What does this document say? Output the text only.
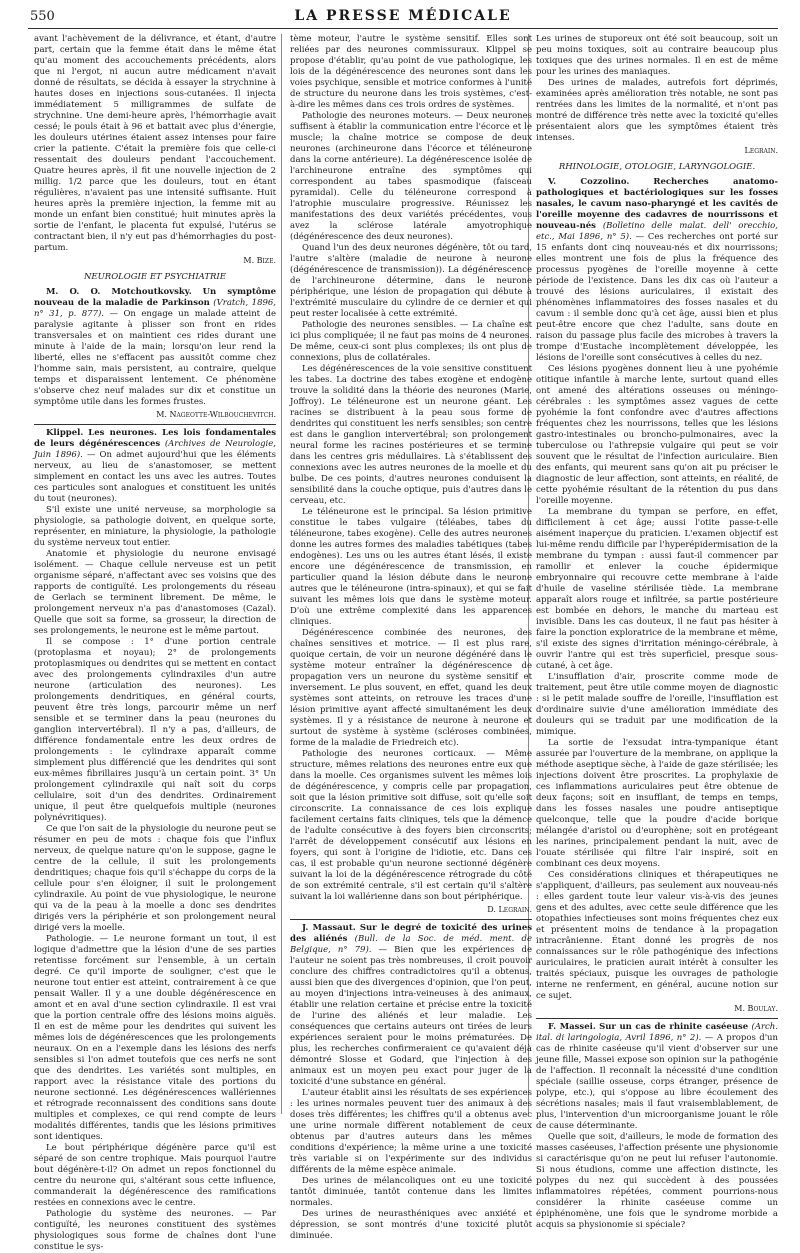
550	LA PRESSE MÉDICALE

avant l'achèvement de la délivrance, et étant, d'autre part, certain que la femme était dans le même état qu'au moment des accouchements précédents, alors que ni l'ergot, ni aucun autre médicament n'avait donné de résultats, se décida à essayer la strychnine à hautes doses en injections sous-cutanées. Il injecta immédiatement 5 milligrammes de sulfate de strychnine. Une demi-heure après, l'hémorrhagie avait cessé; le pouls était à 96 et battait avec plus d'énergie, les douleurs utérines étaient assez intenses pour faire crier la patiente. C'était la première fois que celle-ci ressentait des douleurs pendant l'accouchement. Quatre heures après, il fit une nouvelle injection de 2 millig. 1/2 parce que les douleurs, tout en étant régulières, n'avaient pas une intensité suffisante. Huit heures après la première injection, la femme mit au monde un enfant bien constitué; huit minutes après la sortie de l'enfant, le placenta fut expulsé, l'utérus se contractant bien, il n'y eut pas d'hémorrhagies du post-partum.

M. Bize.

NEUROLOGIE ET PSYCHIATRIE

M. O. O. Motchoutkovsky. Un symptôme nouveau de la maladie de Parkinson (Vratch, 1896, n° 31, p. 877). — On engage un malade atteint de paralysie agitante à plisser son front en rides transversales et on maintient ces rides durant une minute à l'aide de la main; lorsqu'on leur rend la liberté, elles ne s'effacent pas aussitôt comme chez l'homme sain, mais persistent, au contraire, quelque temps et disparaissent lentement. Ce phénomène s'observe chez neuf malades sur dix et constitue un symptôme utile dans les formes frustes.

M. Nageotte-Wilbouchevitch.

Klippel. Les neurones. Les lois fondamentales de leurs dégénérescences (Archives de Neurologie, Juin 1896). — On admet aujourd'hui que les éléments nerveux, au lieu de s'anastomoser, se mettent simplement en contact les uns avec les autres. Toutes ces particules sont analogues et constituent les unités du tout (neurones).

S'il existe une unité nerveuse, sa morphologie sa physiologie, sa pathologie doivent, en quelque sorte, représenter, en miniature, la physiologie, la pathologie du système nerveux tout entier.

Anatomie et physiologie du neurone envisagé isolément. — Chaque cellule nerveuse est un petit organisme séparé, n'affectant avec ses voisins que des rapports de contiguïté. Les prolongements du réseau de Gerlach se terminent librement. De même, le prolongement nerveux n'a pas d'anastomoses (Cazal). Quelle que soit sa forme, sa grosseur, la direction de ses prolongements, le neurone est le même partout.

Il se compose : 1° d'une portion centrale (protoplasma et noyau); 2° de prolongements protoplasmiques ou dendrites qui se mettent en contact avec des prolongements cylindraxiles d'un autre neurone (articulation des neurones). Les prolongements dendritiques, en général courts, peuvent être très longs, parcourir même un nerf sensible et se terminer dans la peau (neurones du ganglion intervertébral). Il n'y a pas, d'ailleurs, de différence fondamentale entre les deux ordres de prolongements : le cylindraxe apparaît comme simplement plus différencié que les dendrites qui sont eux-mêmes fibrillaires jusqu'à un certain point. 3° Un prolongement cylindraxile qui naît soit du corps cellulaire, soit d'un des dendrites. Ordinairement unique, il peut être quelquefois multiple (neurones polynévritiques).

Ce que l'on sait de la physiologie du neurone peut se résumer en peu de mots : chaque fois que l'influx nerveux, de quelque nature qu'on le suppose, gagne le centre de la cellule, il suit les prolongements dendritiques; chaque fois qu'il s'échappe du corps de la cellule pour s'en éloigner, il suit le prolongement cylindraxile. Au point de vue physiologique, le neurone qui va de la peau à la moelle a donc ses dendrites dirigés vers la périphérie et son prolongement neural dirigé vers la moelle.

Pathologie. — Le neurone formant un tout, il est logique d'admettre que la lésion d'une de ses parties retentisse forcément sur l'ensemble, à un certain degré. Ce qu'il importe de souligner, c'est que le neurone tout entier est atteint, contrairement à ce que pensait Waller. Il y a une double dégénérescence en amont et en aval d'une section cylindraxile. Il est vrai que la portion centrale offre des lésions moins aiguës. Il en est de même pour les dendrites qui suivent les mêmes lois de dégénérescences que les prolongements neuraux. On en a l'exemple dans les lésions des nerfs sensibles si l'on admet toutefois que ces nerfs ne sont que des dendrites. Les variétés sont multiples, en rapport avec la résistance vitale des portions du neurone sectionné. Les dégénérescences wallériennes et rétrograde reconnaissent des conditions sans doute multiples et complexes, ce qui rend compte de leurs modalités différentes, tandis que les lésions primitives sont identiques.

Le bout périphérique dégénère parce qu'il est séparé de son centre trophique. Mais pourquoi l'autre bout dégénère-t-il? On admet un repos fonctionnel du centre du neurone qui, s'altérant sous cette influence, commanderait la dégénérescence des ramifications restées en connexions avec le centre.

Pathologie du système des neurones. — Par contiguïté, les neurones constituent des systèmes physiologiques sous forme de chaînes dont l'une constitue le sys-

tème moteur, l'autre le système sensitif. Elles sont reliées par des neurones commissuraux. Klippel se propose d'établir, qu'au point de vue pathologique, les lois de la dégénérescence des neurones sont dans les voies psychique, sensible et motrice conformes à l'unité de structure du neurone dans les trois systèmes, c'est-à-dire les mêmes dans ces trois ordres de systèmes.

Pathologie des neurones moteurs. — Deux neurones suffisent à établir la communication entre l'écorce et le muscle; la chaîne motrice se compose de deux neurones (archineurone dans l'écorce et téléneurone dans la corne antérieure). La dégénérescence isolée de l'archineurone entraîne des symptômes qui correspondent au tabes spasmodique (faisceau pyramidal). Celle du téléneurone correspond à l'atrophie musculaire progressive. Réunissez les manifestations des deux variétés précédentes, vous avez la sclérose latérale amyotrophique (dégénérescence des deux neurones).

Quand l'un des deux neurones dégénère, tôt ou tard, l'autre s'altère (maladie de neurone à neurone (dégénérescence de transmission)). La dégénérescence de l'archineurone détermine, dans le neurone périphérique, une lésion de propagation qui débute à l'extrémité musculaire du cylindre de ce dernier et qui peut rester localisée à cette extrémité.

Pathologie des neurones sensibles. — La chaîne est ici plus compliquée; il ne faut pas moins de 4 neurones. De même, ceux-ci sont plus complexes; ils ont plus de connexions, plus de collatérales.

Les dégénérescences de la voie sensitive constituent les tabes. La doctrine des tabes exogène et endogène trouve la solidité dans la théorie des neurones (Marie, Joffroy). Le téléneurone est un neurone géant. Les racines se distribuent à la peau sous forme de dendrites qui constituent les nerfs sensibles; son centre est dans le ganglion intervertébral; son prolongement neural forme les racines postérieures et se termine dans les centres gris médullaires. Là s'établissent des connexions avec les autres neurones de la moelle et du bulbe. De ces points, d'autres neurones conduisent la sensibilité dans la couche optique, puis d'autres dans le cerveau, etc.

Le téléneurone est le principal. Sa lésion primitive constitue le tabes vulgaire (téléabes, tabes du téléneurone, tabes exogène). Celle des autres neurones donne les autres formes des maladies tabétiques (tabes endogènes). Les uns ou les autres étant lésés, il existe encore une dégénérescence de transmission, en particulier quand la lésion débute dans le neurone autres que le téléneurone (intra-spinaux), et qui se fait suivant les mêmes lois que dans le système moteur. D'où une extrême complexité dans les apparences cliniques.

Dégénérescence combinée des neurones, des chaînes sensitives et motrice. — Il est plus rare, quoique certain, de voir un neurone dégénéré dans le système moteur entraîner la dégénérescence de propagation vers un neurone du système sensitif et inversement. Le plus souvent, en effet, quand les deux systèmes sont atteints, on retrouve les traces d'une lésion primitive ayant affecté simultanément les deux systèmes. Il y a résistance de neurone à neurone et surtout de système à système (scléroses combinées, forme de la maladie de Friedreich etc).

Pathologie des neurones corticaux. — Même structure, mêmes relations des neurones entre eux que dans la moelle. Ces organismes suivent les mêmes lois de dégénérescence, y compris celle par propagation, soit que la lésion primitive soit diffuse, soit qu'elle soit circonscrite. La connaissance de ces lois explique facilement certains faits cliniques, tels que la démence de l'adulte consécutive à des foyers bien circonscrits; l'arrêt de développement consécutif aux lésions en foyers, qui sont à l'origine de l'idiotie, etc. Dans ces cas, il est probable qu'un neurone sectionné dégénère suivant la loi de la dégénérescence rétrograde du côté de son extrémité centrale, s'il est certain qu'il s'altère suivant la loi wallérienne dans son bout périphérique.

D. Legrain.

J. Massaut. Sur le degré de toxicité des urines des aliénés (Bull. de la Soc. de méd. ment. de Belgique, n° 79). — Bien que les expériences de l'auteur ne soient pas très nombreuses, il croit pouvoir conclure des chiffres contradictoires qu'il a obtenus, aussi bien que des divergences d'opinion, que l'on peut, au moyen d'injections intra-veineuses à des animaux, établir une relation certaine et précise entre la toxicité de l'urine des aliénés et leur maladie. Les conséquences que certains auteurs ont tirées de leurs expériences seraient pour le moins prématurées. De plus, les recherches confirmeraient ce qu'avaient déjà démontré Slosse et Godard, que l'injection à des animaux est un moyen peu exact pour juger de la toxicité d'une substance en général.

L'auteur établit ainsi les résultats de ses expériences : les urines normales peuvent tuer des animaux à des doses très différentes; les chiffres qu'il a obtenus avec une urine normale diffèrent notablement de ceux obtenus par d'autres auteurs dans les mêmes conditions d'expérience; la même urine a une toxicité très variable si on l'expérimente sur des individus différents de la même espèce animale.

Des urines de mélancoliques ont eu une toxicité tantôt diminuée, tantôt contenue dans les limites normales.

Des urines de neurasthéniques avec anxiété et dépression, se sont montrés d'une toxicité plutôt diminuée.

Les urines de stuporeux ont été soit beaucoup, soit un peu moins toxiques, soit au contraire beaucoup plus toxiques que des urines normales. Il en est de même pour les urines des maniaques.

Des urines de malades, autrefois fort déprimés, examinées après amélioration très notable, ne sont pas rentrées dans les limites de la normalité, et n'ont pas montré de différence très nette avec la toxicité qu'elles présentaient alors que les symptômes étaient très intenses.

Legrain.

RHINOLOGIE, OTOLOGIE, LARYNGOLOGIE.

V. Cozzolino.	Recherches anatomo-pathologiques et bactériologiques sur les fosses nasales, le cavum naso-pharyngé et les cavités de l'oreille moyenne des cadavres de nourrissons et nouveau-nés (Bolletino delle malat. dell' orecchio, etc., Mai 1896, n° 5). — Ces recherches ont porté sur 15 enfants dont cinq nouveau-nés et dix nourrissons; elles montrent une fois de plus la fréquence des processus pyogènes de l'oreille moyenne à cette période de l'existence. Dans les dix cas où l'auteur a trouvé des lésions auriculaires, il existait des phénomènes inflammatoires des fosses nasales et du cavum : il semble donc qu'à cet âge, aussi bien et plus peut-être encore que chez l'adulte, sans doute en raison du passage plus facile des microbes à travers la trompe d'Eustache incomplètement développée, les lésions de l'oreille sont consécutives à celles du nez.

Ces lésions pyogènes donnent lieu à une pyohémie otitique infantile à marche lente, surtout quand elles ont amené des altérations osseuses ou méningo-cérébrales : les symptômes assez vagues de cette pyohémie la font confondre avec d'autres affections fréquentes chez les nourrissons, telles que les lésions gastro-intestinales ou broncho-pulmonaires, avec la tuberculose ou l'athrepsie vulgaire qui peut se voir souvent que le résultat de l'infection auriculaire. Bien des enfants, qui meurent sans qu'on ait pu préciser le diagnostic de leur affection, sont atteints, en réalité, de cette pyohémie résultant de la rétention du pus dans l'oreille moyenne.

La membrane du tympan se perfore, en effet, difficilement à cet âge; aussi l'otite passe-t-elle aisément inaperçue du praticien. L'examen objectif est lui-même rendu difficile par l'hyperépidermisation de la membrane du tympan : aussi faut-il commencer par ramollir et enlever la couche épidermique embryonnaire qui recouvre cette membrane à l'aide d'huile de vaseline stérilisée tiède. La membrane apparaît alors rouge et infiltrée, sa partie postérieure est bombée en dehors, le manche du marteau est invisible. Dans les cas douteux, il ne faut pas hésiter à faire la ponction exploratrice de la membrane et même, s'il existe des signes d'irritation méningo-cérébrale, à ouvrir l'antre qui est très superficiel, presque sous-cutané, à cet âge.

L'insufflation d'air, proscrite comme mode de traitement, peut être utile comme moyen de diagnostic : si le petit malade souffre de l'oreille, l'insufflation est d'ordinaire suivie d'une amélioration immédiate des douleurs qui se traduit par une modification de la mimique.

La sortie de l'exsudat intra-tympanique étant assurée par l'ouverture de la membrane, on applique la méthode aseptique sèche, à l'aide de gaze stérilisée; les injections doivent être proscrites. La prophylaxie de ces inflammations auriculaires peut être obtenue de deux façons; soit en insufflant, de temps en temps, dans les fosses nasales une poudre antiseptique quelconque, telle que la poudre d'acide borique mélangée d'aristol ou d'europhène; soit en protégeant les narines, principalement pendant la nuit, avec de l'ouate stérilisée qui filtre l'air inspiré, soit en combinant ces deux moyens.

Ces considérations cliniques et thérapeutiques ne s'appliquent, d'ailleurs, pas seulement aux nouveau-nés : elles gardent toute leur valeur vis-à-vis des jeunes gens et des adultes, avec cette seule différence que les otopathies infectieuses sont moins fréquentes chez eux et présentent moins de tendance à la propagation intracrânienne. Étant donné les progrès de nos connaissances sur le rôle pathogénique des infections auriculaires, le praticien aurait intérêt à consulter les traités spéciaux, puisque les ouvrages de pathologie interne ne renferment, en général, aucune notion sur ce sujet.

M. Boulay.

F. Massei. Sur un cas de rhinite caséeuse (Arch. ital. di laringologia, Avril 1896, n° 2). — A propos d'un cas de rhinite caséeuse qu'il vient d'observer sur une jeune fille, Massei expose son opinion sur la pathogénie de l'affection. Il reconnaît la nécessité d'une condition spéciale (saillie osseuse, corps étranger, présence de polype, etc.), qui s'oppose au libre écoulement des sécrétions nasales; mais il faut vraisemblablement, de plus, l'intervention d'un microorganisme jouant le rôle de cause déterminante.

Quelle que soit, d'ailleurs, le mode de formation des masses caséeuses, l'affection présente une physionomie si caractérisque qu'on ne peut lui refuser l'autonomie. Si nous étudions, comme une affection distincte, les polypes du nez qui succèdent à des poussées inflammatoires répétées, comment pourrions-nous considérer la rhinite caséeuse comme un épiphénomène, une fois que le syndrome morbide a acquis sa physionomie si spéciale?
